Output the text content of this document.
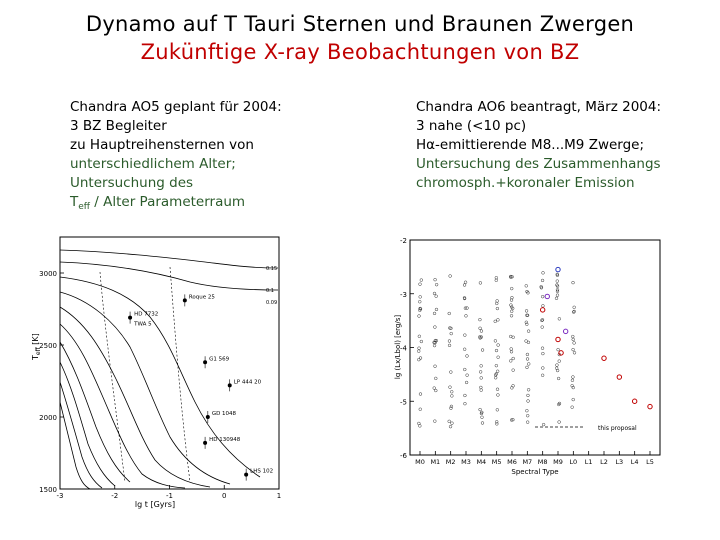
Dynamo auf T Tauri Sternen und Braunen Zwergen
Zukünftige X-ray Beobachtungen von BZ
Chandra AO5 geplant für 2004:
3 BZ Begleiter
zu Hauptreihensternen von
unterschiedlichem Alter;
Untersuchung des
$T_{eff}$ / Alter Parameterraum
Chandra AO6 beantragt, März 2004:
3 nahe (<10 pc)
Hα-emittierende M8...M9 Zwerge;
Untersuchung des Zusammenhangs
chromosph.+koronaler Emission
$T_{eff}$ [K]
3000
2500
2000
1500
-3	-2	-1	0	1
0.15
0.1
0.09
HD 7732
TWA 5
Roque 25
G1 569
LP 444 20
GD 1048
HD 130948
LHS 102
lg t [Gyrs]
lg (Lx/Lbol) [erg/s]
-2
-3
-4
-5
-6
M0 M1 M2 M3 M4 M5 M6 M7 M8 M9 L0 L1 L2 L3 L4 L5
this proposal
Spectral Type
